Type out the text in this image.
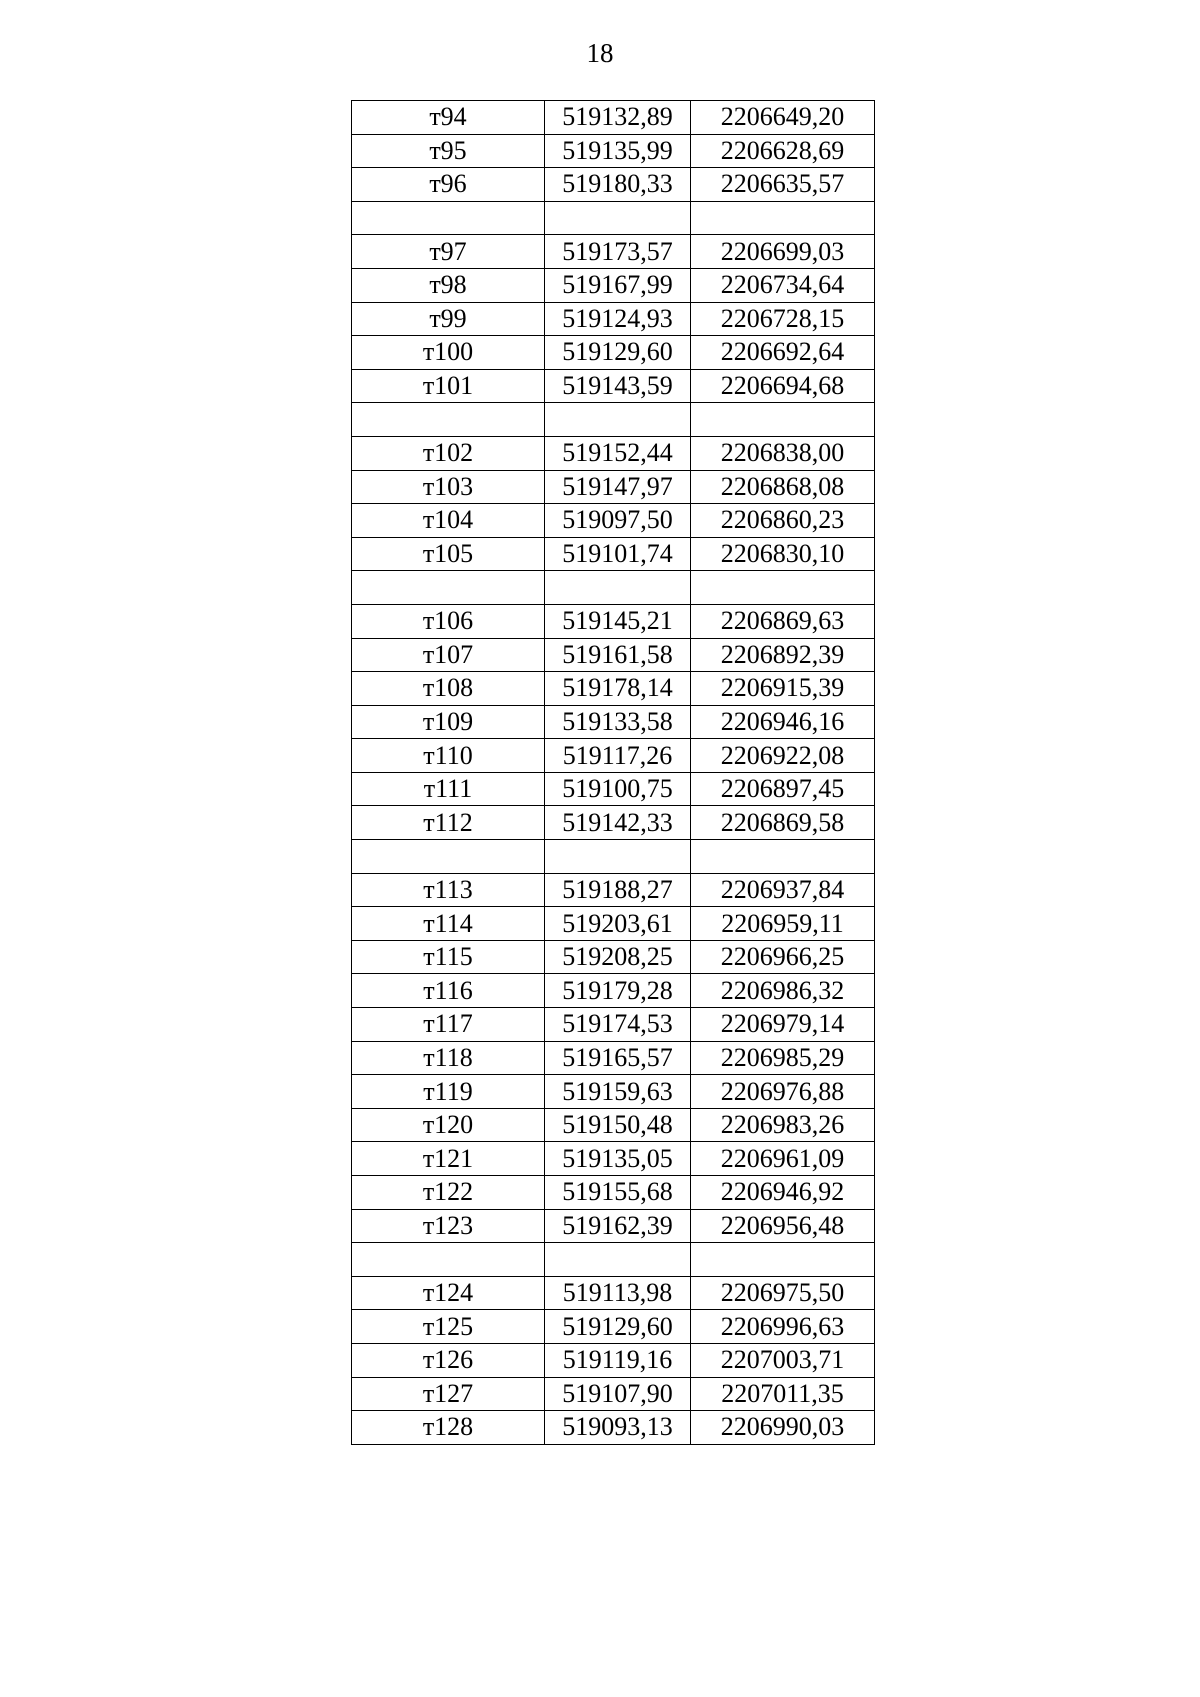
18
т94	519132,89	2206649,20
т95	519135,99	2206628,69
т96	519180,33	2206635,57

т97	519173,57	2206699,03
т98	519167,99	2206734,64
т99	519124,93	2206728,15
т100	519129,60	2206692,64
т101	519143,59	2206694,68

т102	519152,44	2206838,00
т103	519147,97	2206868,08
т104	519097,50	2206860,23
т105	519101,74	2206830,10

т106	519145,21	2206869,63
т107	519161,58	2206892,39
т108	519178,14	2206915,39
т109	519133,58	2206946,16
т110	519117,26	2206922,08
т111	519100,75	2206897,45
т112	519142,33	2206869,58

т113	519188,27	2206937,84
т114	519203,61	2206959,11
т115	519208,25	2206966,25
т116	519179,28	2206986,32
т117	519174,53	2206979,14
т118	519165,57	2206985,29
т119	519159,63	2206976,88
т120	519150,48	2206983,26
т121	519135,05	2206961,09
т122	519155,68	2206946,92
т123	519162,39	2206956,48

т124	519113,98	2206975,50
т125	519129,60	2206996,63
т126	519119,16	2207003,71
т127	519107,90	2207011,35
т128	519093,13	2206990,03
